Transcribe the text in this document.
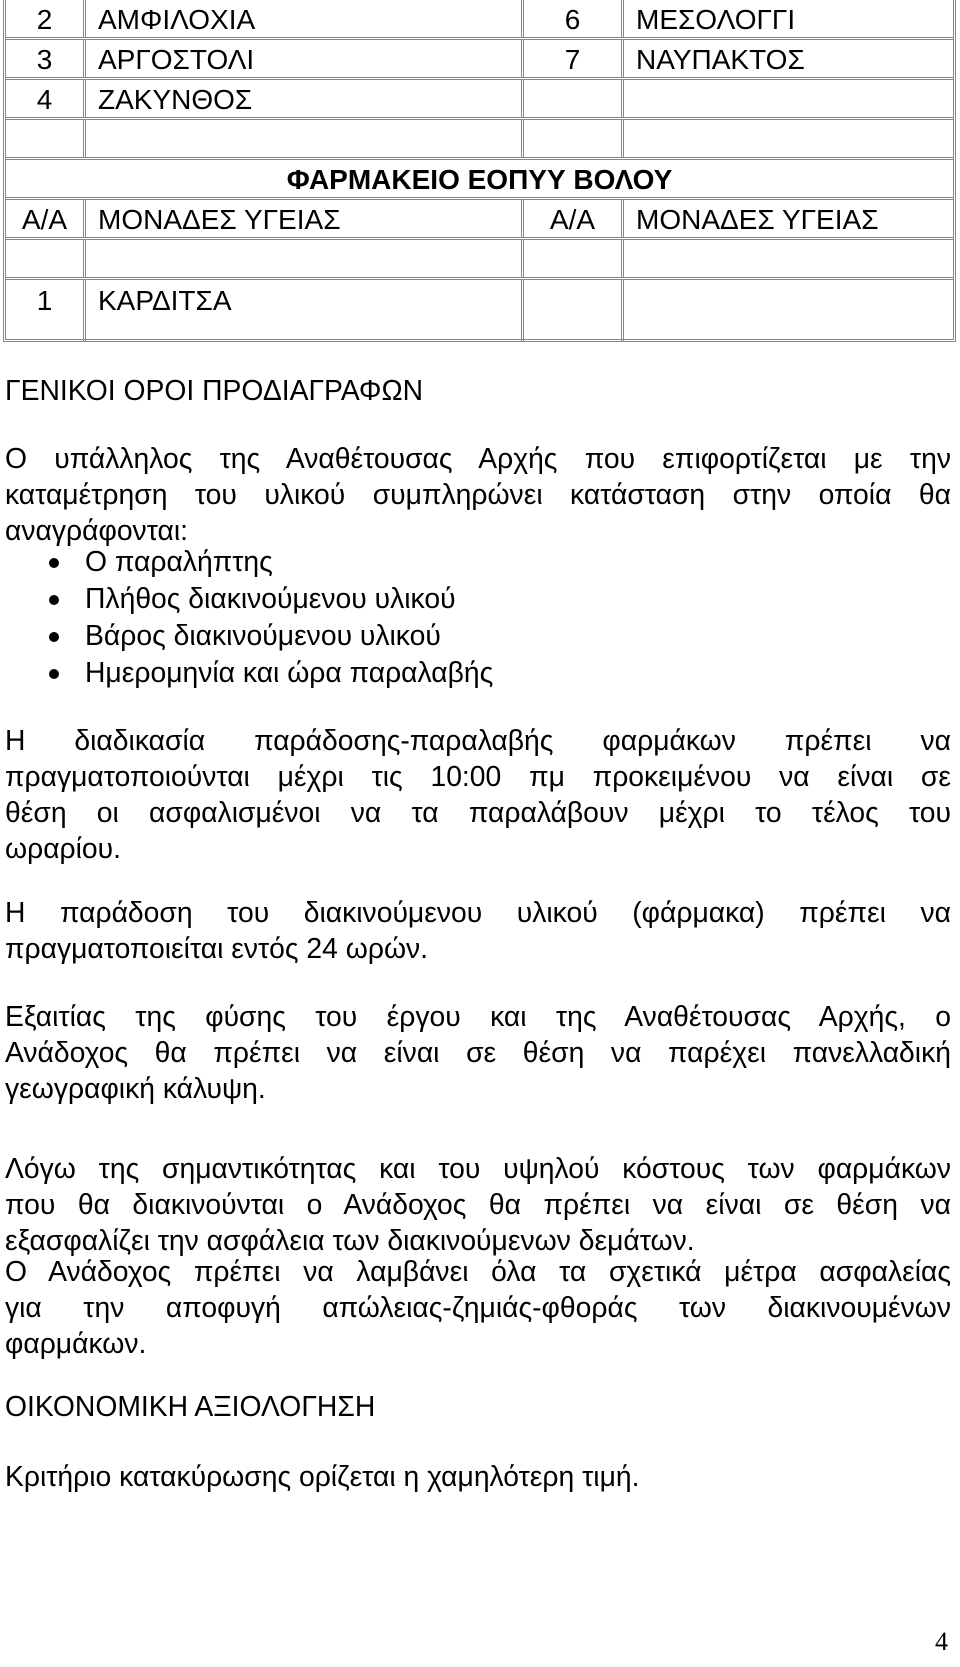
2	ΑΜΦΙΛΟΧΙΑ	6	ΜΕΣΟΛΟΓΓΙ
3	ΑΡΓΟΣΤΟΛΙ	7	ΝΑΥΠΑΚΤΟΣ
4	ΖΑΚΥΝΘΟΣ
ΦΑΡΜΑΚΕΙΟ ΕΟΠΥΥ ΒΟΛΟΥ
Α/Α	ΜΟΝΑΔΕΣ ΥΓΕΙΑΣ	Α/Α	ΜΟΝΑΔΕΣ ΥΓΕΙΑΣ
1	ΚΑΡΔΙΤΣΑ
ΓΕΝΙΚΟΙ ΟΡΟΙ ΠΡΟΔΙΑΓΡΑΦΩΝ
Ο υπάλληλος της Αναθέτουσας Αρχής που επιφορτίζεται με την
καταμέτρηση του υλικού συμπληρώνει κατάσταση στην οποία θα
αναγράφονται:
Ο παραλήπτης
Πλήθος διακινούμενου υλικού
Βάρος διακινούμενου υλικού
Ημερομηνία και ώρα παραλαβής
Η διαδικασία παράδοσης-παραλαβής φαρμάκων πρέπει να
πραγματοποιούνται μέχρι τις 10:00 πμ προκειμένου να είναι σε
θέση οι ασφαλισμένοι να τα παραλάβουν μέχρι το τέλος του
ωραρίου.
Η παράδοση του διακινούμενου υλικού (φάρμακα) πρέπει να
πραγματοποιείται εντός 24 ωρών.
Εξαιτίας της φύσης του έργου και της Αναθέτουσας Αρχής, ο
Ανάδοχος θα πρέπει να είναι σε θέση να παρέχει πανελλαδική
γεωγραφική κάλυψη.
Λόγω της σημαντικότητας και του υψηλού κόστους των φαρμάκων
που θα διακινούνται ο Ανάδοχος θα πρέπει να είναι σε θέση να
εξασφαλίζει την ασφάλεια των διακινούμενων δεμάτων.
Ο Ανάδοχος πρέπει να λαμβάνει όλα τα σχετικά μέτρα ασφαλείας
για την αποφυγή απώλειας-ζημιάς-φθοράς των διακινουμένων
φαρμάκων.
ΟΙΚΟΝΟΜΙΚΗ ΑΞΙΟΛΟΓΗΣΗ

Κριτήριο κατακύρωσης ορίζεται η χαμηλότερη τιμή.

4
